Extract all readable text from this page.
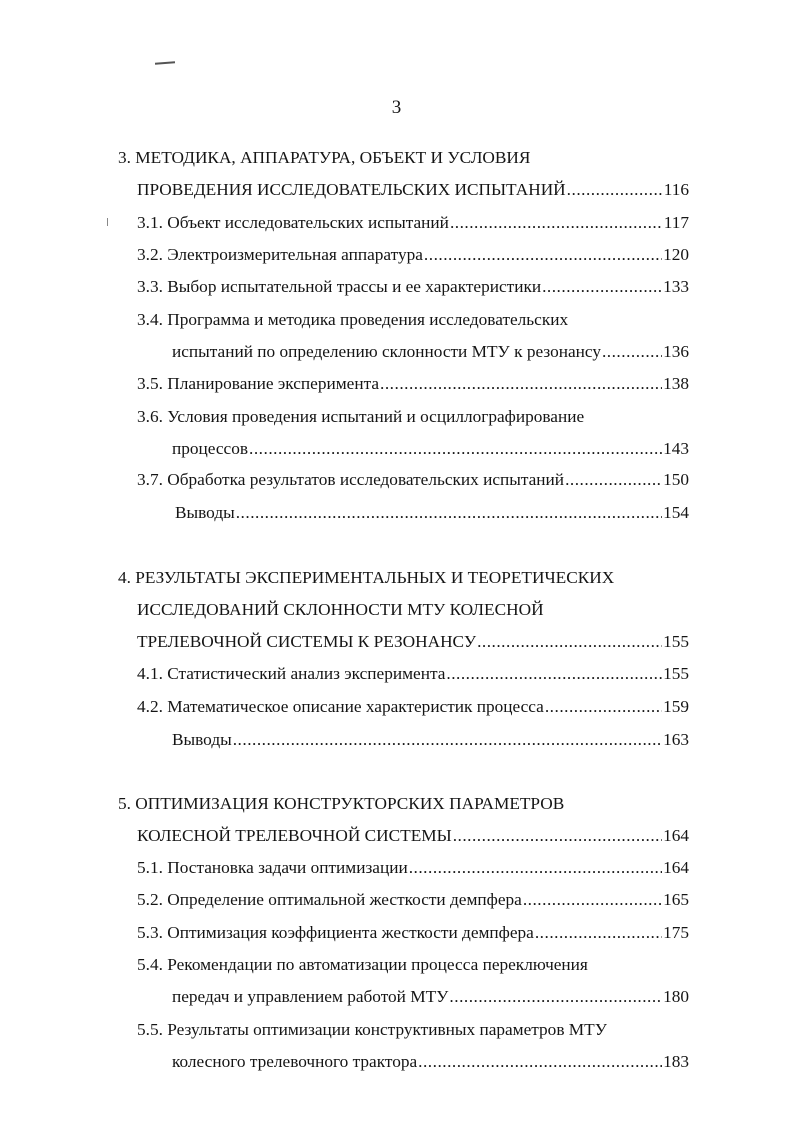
3
3. МЕТОДИКА, АППАРАТУРА, ОБЪЕКТ И УСЛОВИЯ
ПРОВЕДЕНИЯ ИССЛЕДОВАТЕЛЬСКИХ ИСПЫТАНИЙ .....	116
3.1. Объект исследовательских испытаний .....	117
3.2. Электроизмерительная аппаратура .....	120
3.3. Выбор испытательной трассы и ее характеристики .....	133
3.4. Программа и методика проведения исследовательских
испытаний по определению склонности МТУ к резонансу .....	136
3.5. Планирование эксперимента .....	138
3.6. Условия проведения испытаний и осциллографирование
процессов .....	143
3.7. Обработка результатов исследовательских испытаний .....	150
Выводы .....	154
4. РЕЗУЛЬТАТЫ ЭКСПЕРИМЕНТАЛЬНЫХ И ТЕОРЕТИЧЕСКИХ
ИССЛЕДОВАНИЙ СКЛОННОСТИ МТУ КОЛЕСНОЙ
ТРЕЛЕВОЧНОЙ СИСТЕМЫ К РЕЗОНАНСУ .....	155
4.1. Статистический анализ эксперимента .....	155
4.2. Математическое описание характеристик процесса .....	159
Выводы .....	163
5. ОПТИМИЗАЦИЯ КОНСТРУКТОРСКИХ ПАРАМЕТРОВ
КОЛЕСНОЙ ТРЕЛЕВОЧНОЙ СИСТЕМЫ .....	164
5.1. Постановка задачи оптимизации .....	164
5.2. Определение оптимальной жесткости демпфера .....	165
5.3. Оптимизация коэффициента жесткости демпфера .....	175
5.4. Рекомендации по автоматизации процесса переключения
передач и управлением работой МТУ .....	180
5.5. Результаты оптимизации конструктивных параметров МТУ
колесного трелевочного трактора .....	183
